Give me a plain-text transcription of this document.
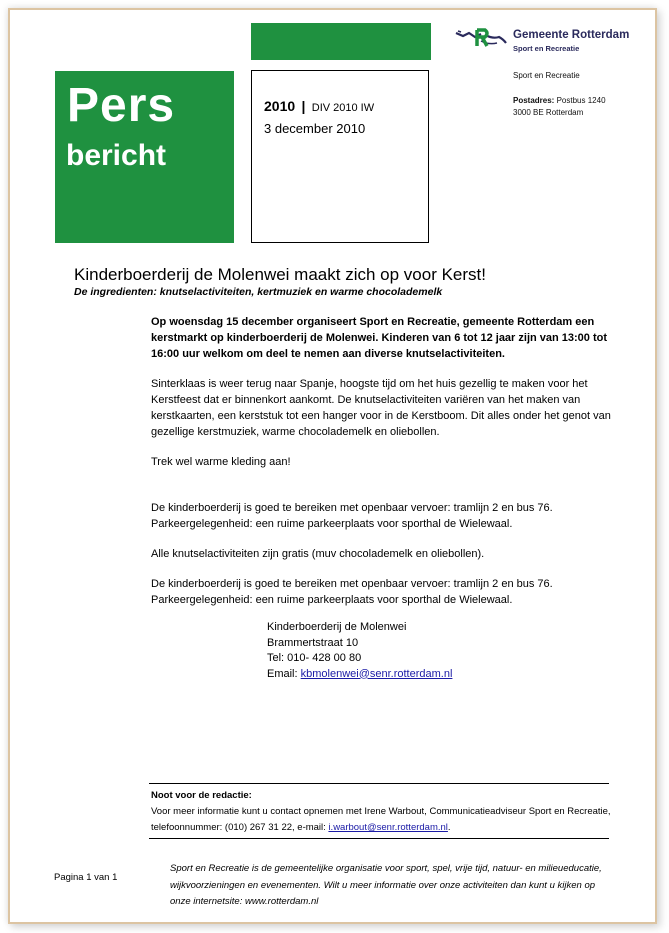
Pers
bericht
2010 | DIV 2010 IW
3 december 2010
Gemeente Rotterdam
Sport en Recreatie
Sport en Recreatie
Postadres: Postbus 1240
3000 BE Rotterdam
Kinderboerderij de Molenwei maakt zich op voor Kerst!
De ingredienten: knutselactiviteiten, kertmuziek en warme chocolademelk

Op woensdag 15 december organiseert Sport en Recreatie, gemeente Rotterdam een kerstmarkt op kinderboerderij de Molenwei. Kinderen van 6 tot 12 jaar zijn van 13:00 tot 16:00 uur welkom om deel te nemen aan diverse knutselactiviteiten.

Sinterklaas is weer terug naar Spanje, hoogste tijd om het huis gezellig te maken voor het Kerstfeest dat er binnenkort aankomt. De knutselactiviteiten variëren van het maken van kerstkaarten, een kerststuk tot een hanger voor in de Kerstboom. Dit alles onder het genot van gezellige kerstmuziek, warme chocolademelk en oliebollen.

Trek wel warme kleding aan!

De kinderboerderij is goed te bereiken met openbaar vervoer: tramlijn 2 en bus 76.
Parkeergelegenheid: een ruime parkeerplaats voor sporthal de Wielewaal.

Alle knutselactiviteiten zijn gratis (muv chocolademelk en oliebollen).

De kinderboerderij is goed te bereiken met openbaar vervoer: tramlijn 2 en bus 76.
Parkeergelegenheid: een ruime parkeerplaats voor sporthal de Wielewaal.

Kinderboerderij de Molenwei
Brammertstraat 10
Tel: 010- 428 00 80
Email: kbmolenwei@senr.rotterdam.nl
Noot voor de redactie:
Voor meer informatie kunt u contact opnemen met Irene Warbout, Communicatieadviseur Sport en Recreatie, telefoonnummer: (010) 267 31 22, e-mail: i.warbout@senr.rotterdam.nl.
Pagina 1 van 1
Sport en Recreatie is de gemeentelijke organisatie voor sport, spel, vrije tijd, natuur- en milieueducatie, wijkvoorzieningen en evenementen. Wilt u meer informatie over onze activiteiten dan kunt u kijken op onze internetsite: www.rotterdam.nl
